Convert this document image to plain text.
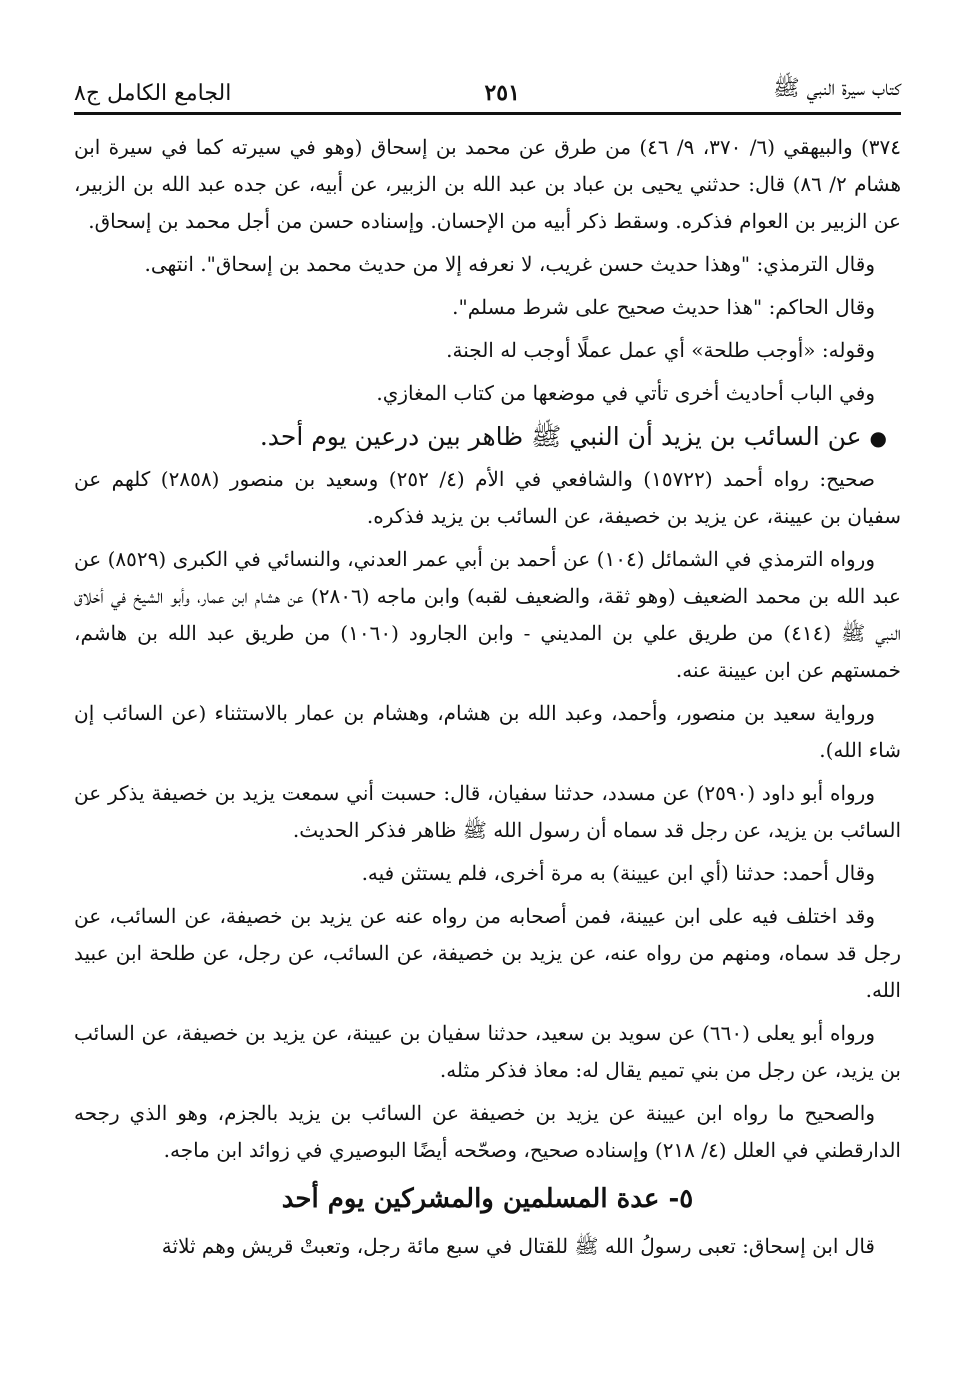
كتاب سيرة النبي ﷺ
٢٥١
الجامع الكامل ج٨

٣٧٤) والبيهقي (٦/ ٣٧٠، ٩/ ٤٦) من طرق عن محمد بن إسحاق (وهو في سيرته كما في سيرة ابن هشام ٢/ ٨٦) قال: حدثني يحيى بن عباد بن عبد الله بن الزبير، عن أبيه، عن جده عبد الله بن الزبير، عن الزبير بن العوام فذكره. وسقط ذكر أبيه من الإحسان. وإسناده حسن من أجل محمد بن إسحاق.

وقال الترمذي: "وهذا حديث حسن غريب، لا نعرفه إلا من حديث محمد بن إسحاق". انتهى.

وقال الحاكم: "هذا حديث صحيح على شرط مسلم".

وقوله: «أوجب طلحة» أي عمل عملًا أوجب له الجنة.

وفي الباب أحاديث أخرى تأتي في موضعها من كتاب المغازي.

●عن السائب بن يزيد أن النبي ﷺ ظاهر بين درعين يوم أحد.

صحيح: رواه أحمد (١٥٧٢٢) والشافعي في الأم (٤/ ٢٥٢) وسعيد بن منصور (٢٨٥٨) كلهم عن سفيان بن عيينة، عن يزيد بن خصيفة، عن السائب بن يزيد فذكره.

ورواه الترمذي في الشمائل (١٠٤) عن أحمد بن أبي عمر العدني، والنسائي في الكبرى (٨٥٢٩) عن عبد الله بن محمد الضعيف (وهو ثقة، والضعيف لقبه) وابن ماجه (٢٨٠٦) عن هشام ابن عمار، وأبو الشيخ في أخلاق النبي ﷺ (٤١٤) من طريق علي بن المديني - وابن الجارود (١٠٦٠) من طريق عبد الله بن هاشم، خمستهم عن ابن عيينة عنه.

ورواية سعيد بن منصور، وأحمد، وعبد الله بن هشام، وهشام بن عمار بالاستثناء (عن السائب إن شاء الله).

ورواه أبو داود (٢٥٩٠) عن مسدد، حدثنا سفيان، قال: حسبت أني سمعت يزيد بن خصيفة يذكر عن السائب بن يزيد، عن رجل قد سماه أن رسول الله ﷺ ظاهر فذكر الحديث.

وقال أحمد: حدثنا (أي ابن عيينة) به مرة أخرى، فلم يستثن فيه.

وقد اختلف فيه على ابن عيينة، فمن أصحابه من رواه عنه عن يزيد بن خصيفة، عن السائب، عن رجل قد سماه، ومنهم من رواه عنه، عن يزيد بن خصيفة، عن السائب، عن رجل، عن طلحة ابن عبيد الله.

ورواه أبو يعلى (٦٦٠) عن سويد بن سعيد، حدثنا سفيان بن عيينة، عن يزيد بن خصيفة، عن السائب بن يزيد، عن رجل من بني تميم يقال له: معاذ فذكر مثله.

والصحيح ما رواه ابن عيينة عن يزيد بن خصيفة عن السائب بن يزيد بالجزم، وهو الذي رجحه الدارقطني في العلل (٤/ ٢١٨) وإسناده صحيح، وصحّحه أيضًا البوصيري في زوائد ابن ماجه.

٥- عدة المسلمين والمشركين يوم أحد

قال ابن إسحاق: تعبى رسولُ الله ﷺ للقتال في سبع مائة رجل، وتعبتْ قريش وهم ثلاثة
